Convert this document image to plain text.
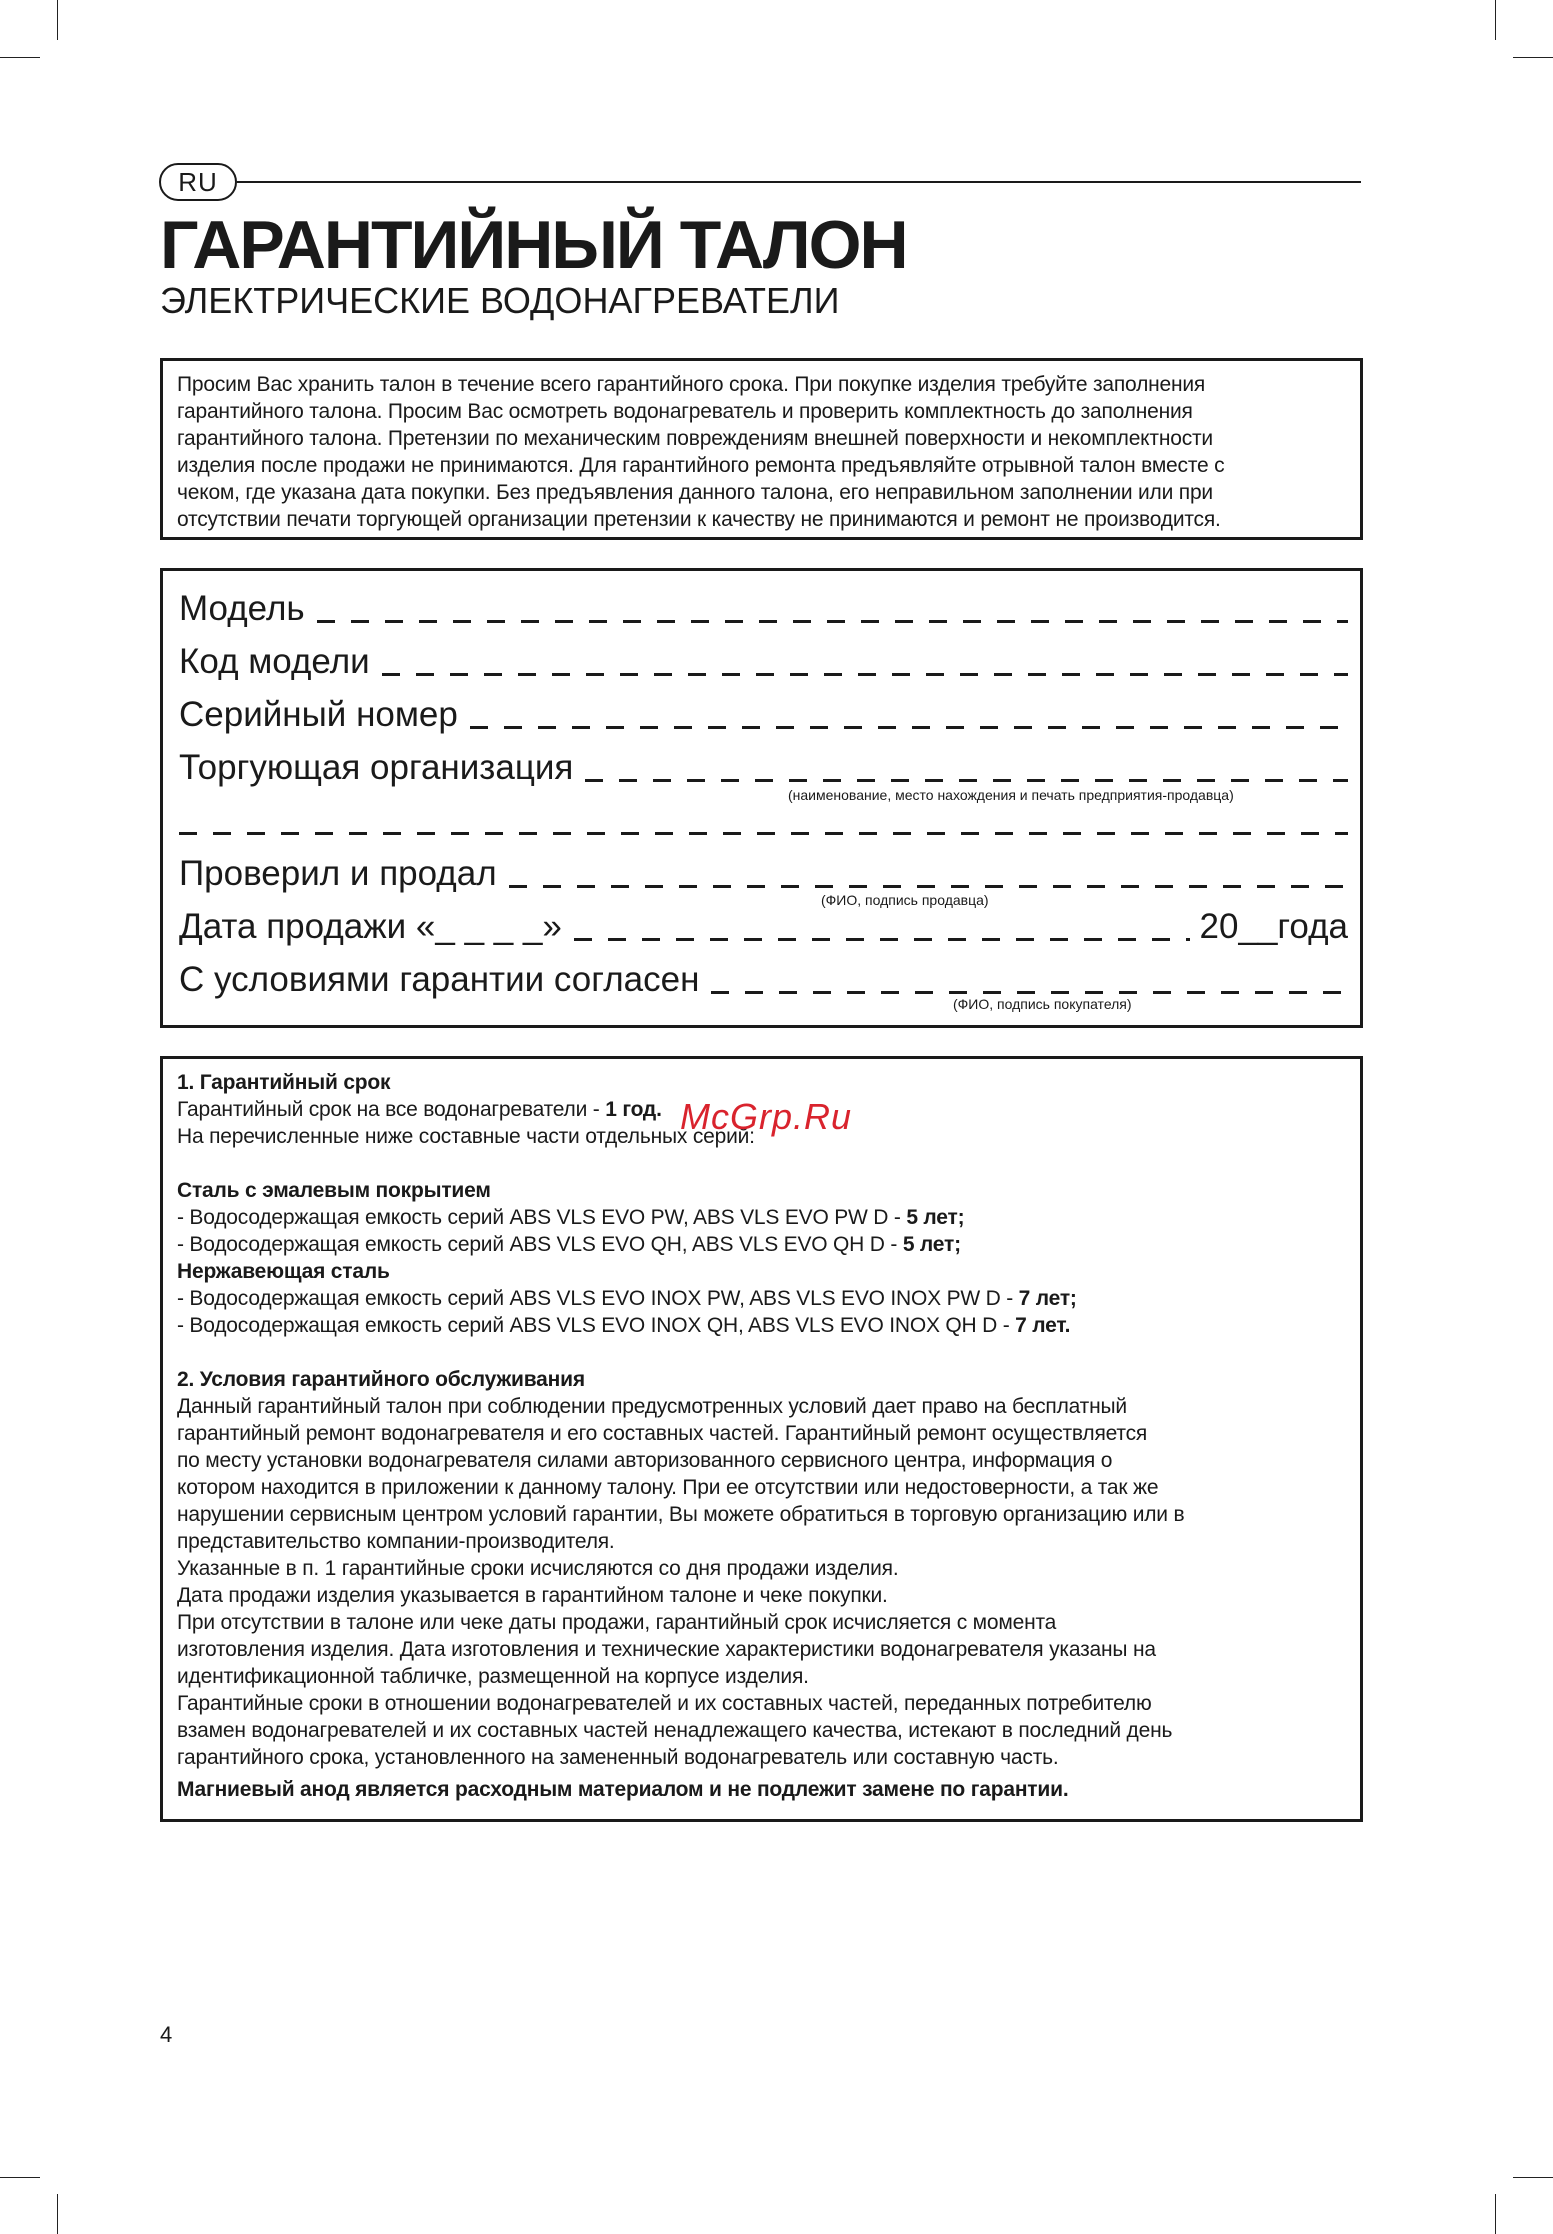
RU
ГАРАНТИЙНЫЙ ТАЛОН
ЭЛЕКТРИЧЕСКИЕ ВОДОНАГРЕВАТЕЛИ

Просим Вас хранить талон в течение всего гарантийного срока. При покупке изделия требуйте заполнения

гарантийного талона. Просим Вас осмотреть водонагреватель и проверить комплектность до заполнения

гарантийного талона. Претензии по механическим повреждениям внешней поверхности и некомплектности

изделия после продажи не принимаются. Для гарантийного ремонта предъявляйте отрывной талон вместе с

чеком, где указана дата покупки. Без предъявления данного талона, его неправильном заполнении или при

отсутствии печати торгующей организации претензии к качеству не принимаются и ремонт не производится.

Модель
Код модели
Серийный номер
Торгующая организация
(наименование, место нахождения и печать предприятия-продавца)
Проверил и продал
(ФИО, подпись продавца)
Дата продажи «_ _ _ _»	20__года
С условиями гарантии согласен
(ФИО, подпись покупателя)
1. Гарантийный срок
Гарантийный срок на все водонагреватели - 1 год.
На перечисленные ниже составные части отдельных серий:
Сталь с эмалевым покрытием
- Водосодержащая емкость серий ABS VLS EVO PW, ABS VLS EVO PW D - 5 лет;
- Водосодержащая емкость серий ABS VLS EVO QH, ABS VLS EVO QH D - 5 лет;
Нержавеющая сталь
- Водосодержащая емкость серий ABS VLS EVO INOX PW, ABS VLS EVO INOX PW D - 7 лет;
- Водосодержащая емкость серий ABS VLS EVO INOX QH, ABS VLS EVO INOX QH D - 7 лет.
2. Условия гарантийного обслуживания
Данный гарантийный талон при соблюдении предусмотренных условий дает право на бесплатный
гарантийный ремонт водонагревателя и его составных частей. Гарантийный ремонт осуществляется
по месту установки водонагревателя силами авторизованного сервисного центра, информация о
котором находится в приложении к данному талону. При ее отсутствии или недостоверности, а так же
нарушении сервисным центром условий гарантии, Вы можете обратиться в торговую организацию или в
представительство компании-производителя.
Указанные в п. 1 гарантийные сроки исчисляются со дня продажи изделия.
Дата продажи изделия указывается в гарантийном талоне и чеке покупки.
При отсутствии в талоне или чеке даты продажи, гарантийный срок исчисляется с момента
изготовления изделия. Дата изготовления и технические характеристики водонагревателя указаны на
идентификационной табличке, размещенной на корпусе изделия.
Гарантийные сроки в отношении водонагревателей и их составных частей, переданных потребителю
взамен водонагревателей и их составных частей ненадлежащего качества, истекают в последний день
гарантийного срока, установленного на замененный водонагреватель или составную часть.
Магниевый анод является расходным материалом и не подлежит замене по гарантии.
McGrp.Ru
4
